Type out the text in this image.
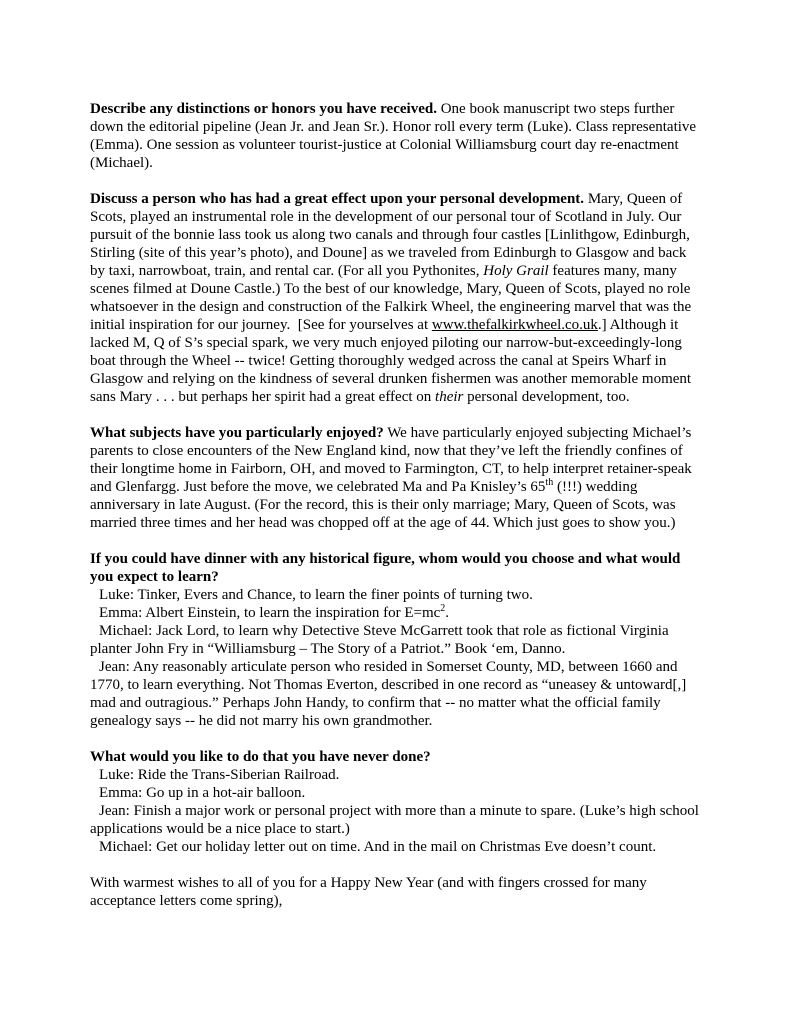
Describe any distinctions or honors you have received. One book manuscript two steps further down the editorial pipeline (Jean Jr. and Jean Sr.). Honor roll every term (Luke). Class representative (Emma). One session as volunteer tourist-justice at Colonial Williamsburg court day re-enactment (Michael).

Discuss a person who has had a great effect upon your personal development. Mary, Queen of Scots, played an instrumental role in the development of our personal tour of Scotland in July. Our pursuit of the bonnie lass took us along two canals and through four castles [Linlithgow, Edinburgh, Stirling (site of this year’s photo), and Doune] as we traveled from Edinburgh to Glasgow and back by taxi, narrowboat, train, and rental car. (For all you Pythonites, Holy Grail features many, many scenes filmed at Doune Castle.) To the best of our knowledge, Mary, Queen of Scots, played no role whatsoever in the design and construction of the Falkirk Wheel, the engineering marvel that was the initial inspiration for our journey.  [See for yourselves at www.thefalkirkwheel.co.uk.] Although it lacked M, Q of S’s special spark, we very much enjoyed piloting our narrow-but-exceedingly-long boat through the Wheel -- twice! Getting thoroughly wedged across the canal at Speirs Wharf in Glasgow and relying on the kindness of several drunken fishermen was another memorable moment sans Mary . . . but perhaps her spirit had a great effect on their personal development, too.

What subjects have you particularly enjoyed? We have particularly enjoyed subjecting Michael’s parents to close encounters of the New England kind, now that they’ve left the friendly confines of their longtime home in Fairborn, OH, and moved to Farmington, CT, to help interpret retainer-speak and Glenfargg. Just before the move, we celebrated Ma and Pa Knisley’s 65th (!!!) wedding anniversary in late August. (For the record, this is their only marriage; Mary, Queen of Scots, was married three times and her head was chopped off at the age of 44. Which just goes to show you.)

If you could have dinner with any historical figure, whom would you choose and what would you expect to learn?

Luke: Tinker, Evers and Chance, to learn the finer points of turning two.

Emma: Albert Einstein, to learn the inspiration for $E=mc^2$.

Michael: Jack Lord, to learn why Detective Steve McGarrett took that role as fictional Virginia planter John Fry in “Williamsburg – The Story of a Patriot.” Book ‘em, Danno.

Jean: Any reasonably articulate person who resided in Somerset County, MD, between 1660 and 1770, to learn everything. Not Thomas Everton, described in one record as “uneasey & untoward[,] mad and outragious.” Perhaps John Handy, to confirm that -- no matter what the official family genealogy says -- he did not marry his own grandmother.

What would you like to do that you have never done?

Luke: Ride the Trans-Siberian Railroad.

Emma: Go up in a hot-air balloon.

Jean: Finish a major work or personal project with more than a minute to spare. (Luke’s high school applications would be a nice place to start.)

Michael: Get our holiday letter out on time. And in the mail on Christmas Eve doesn’t count.

With warmest wishes to all of you for a Happy New Year (and with fingers crossed for many acceptance letters come spring),
